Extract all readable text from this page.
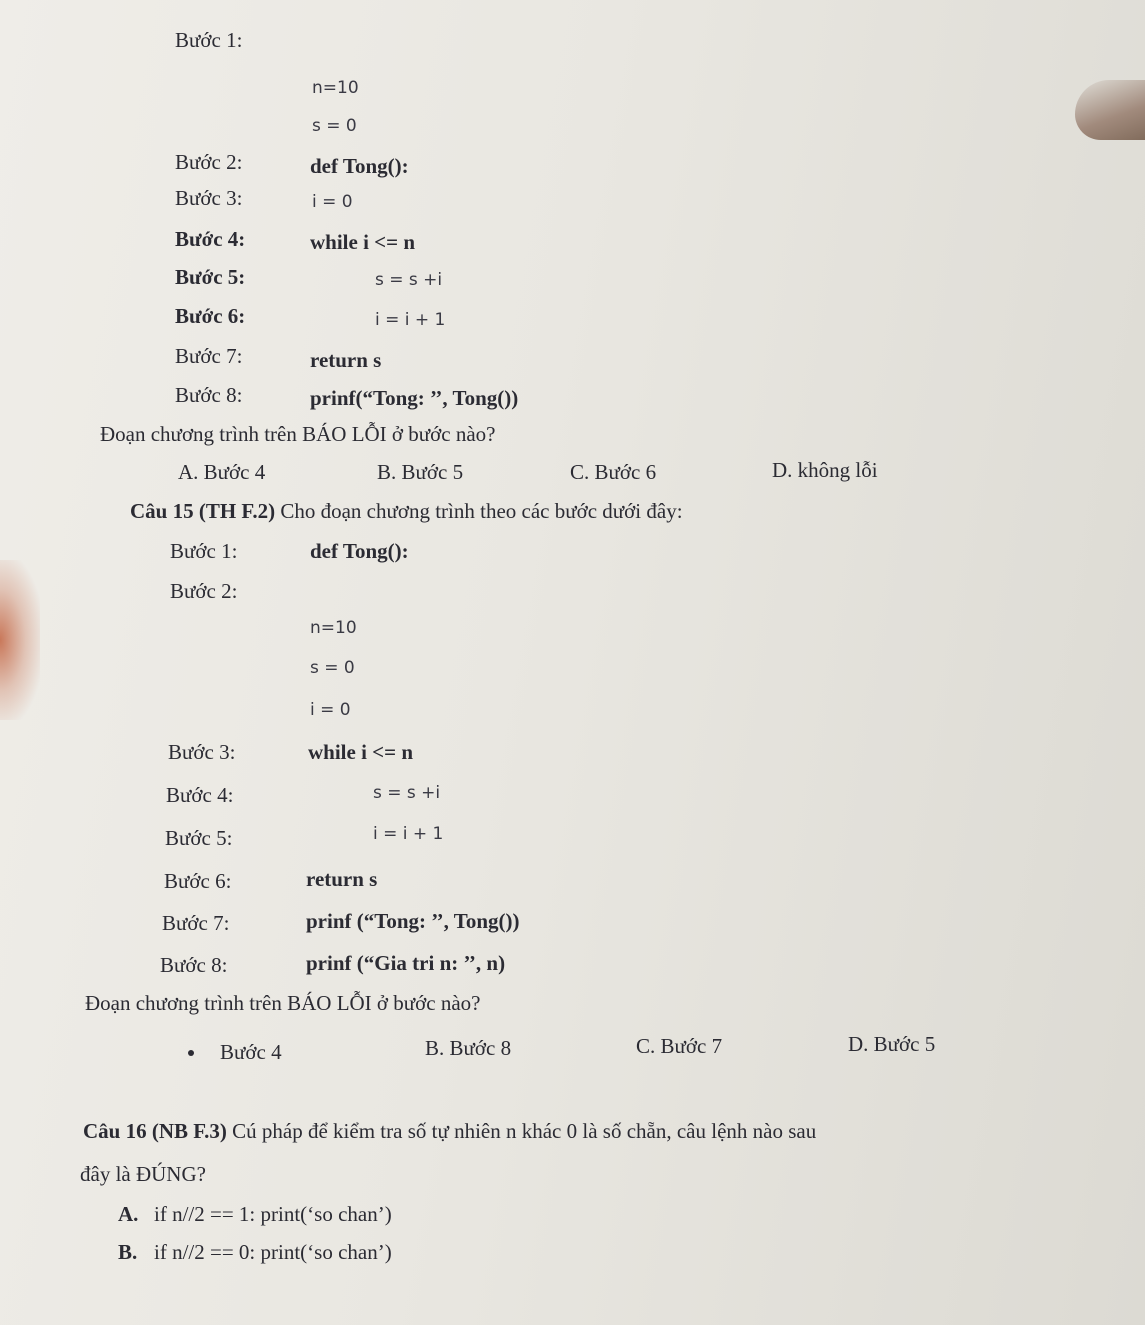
Bước 1:
n=10
s = 0
Bước 2:	def Tong():
Bước 3:	i = 0
Bước 4:	while i <= n
Bước 5:	s = s +i
Bước 6:	i = i + 1
Bước 7:	return s
Bước 8:	prinf(“Tong: ’’, Tong())
Đoạn chương trình trên BÁO LỖI ở bước nào?
A. Bước 4	B. Bước 5	C. Bước 6	D. không lỗi
Câu 15 (TH F.2) Cho đoạn chương trình theo các bước dưới đây:
Bước 1:	def Tong():
Bước 2:
n=10
s = 0
i = 0
Bước 3:	while i <= n
Bước 4:	s = s +i
Bước 5:	i = i + 1
Bước 6:	return s
Bước 7:	prinf (“Tong: ’’, Tong())
Bước 8:	prinf (“Gia tri n: ’’, n)
Đoạn chương trình trên BÁO LỖI ở bước nào?
Bước 4	B. Bước 8	C. Bước 7	D. Bước 5
Câu 16 (NB F.3) Cú pháp để kiểm tra số tự nhiên n khác 0 là số chẵn, câu lệnh nào sau
đây là ĐÚNG?
A. if n//2 == 1: print(‘so chan’)
B. if n//2 == 0: print(‘so chan’)
